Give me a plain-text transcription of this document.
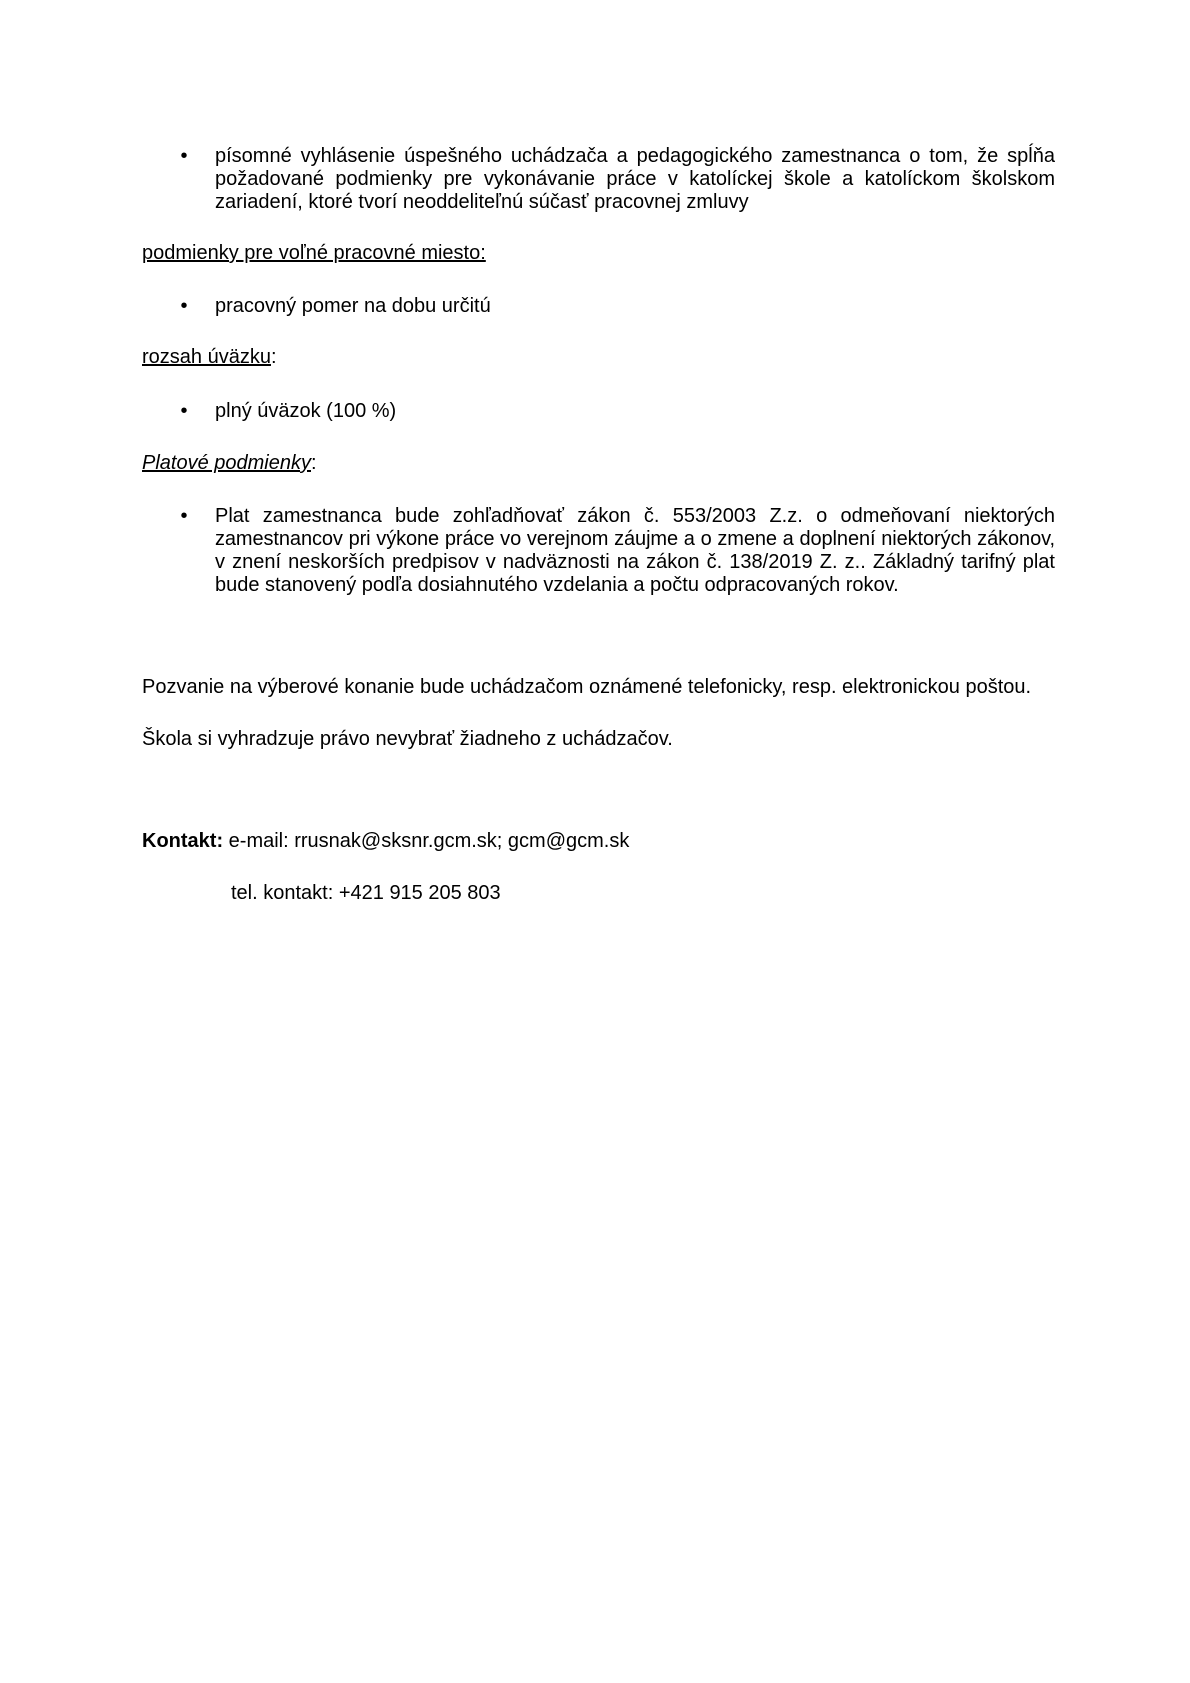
• písomné vyhlásenie úspešného uchádzača a pedagogického zamestnanca o tom, že spĺňa
požadované podmienky pre vykonávanie práce v katolíckej škole a katolíckom školskom
zariadení, ktoré tvorí neoddeliteľnú súčasť pracovnej zmluvy
podmienky pre voľné pracovné miesto:
• pracovný pomer na dobu určitú
rozsah úväzku:
• plný úväzok (100 %)
Platové podmienky:
• Plat zamestnanca bude zohľadňovať zákon č. 553/2003 Z.z. o odmeňovaní niektorých
zamestnancov pri výkone práce vo verejnom záujme a o zmene a doplnení niektorých zákonov,
v znení neskorších predpisov v nadväznosti na zákon č. 138/2019 Z. z.. Základný tarifný plat
bude stanovený podľa dosiahnutého vzdelania a počtu odpracovaných rokov.
Pozvanie na výberové konanie bude uchádzačom oznámené telefonicky, resp. elektronickou poštou.
Škola si vyhradzuje právo nevybrať žiadneho z uchádzačov.
Kontakt: e-mail: rrusnak@sksnr.gcm.sk; gcm@gcm.sk
tel. kontakt: +421 915 205 803
